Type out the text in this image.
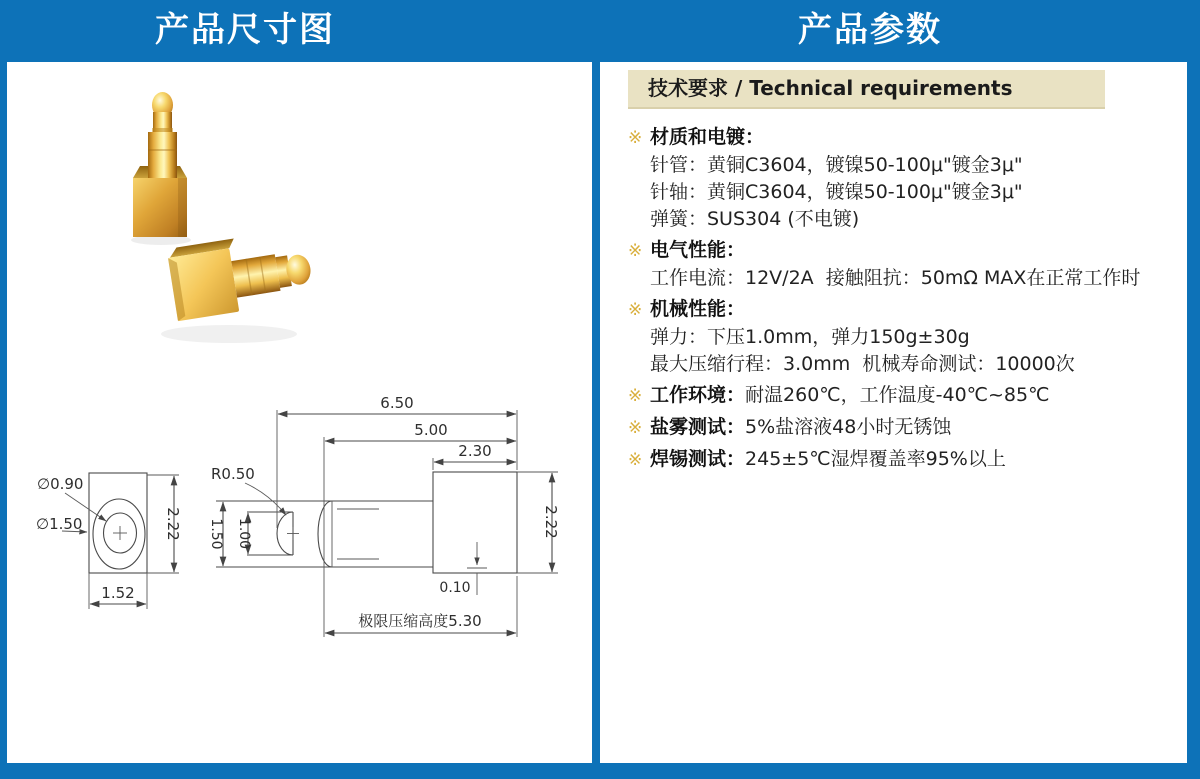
产品尺寸图	产品参数
∅0.90
∅1.50	2.22
1.52
6.50
5.00
2.30
R0.50
1.00
1.50	2.22
0.10
极限压缩高度5.30
技术要求 / Technical requirements
※ 材质和电镀：
针管：黄铜C3604，镀镍50-100μ"镀金3μ"
针轴：黄铜C3604，镀镍50-100μ"镀金3μ"
弹簧：SUS304 (不电镀)
※ 电气性能：
工作电流：12V/2A  接触阻抗：50mΩ MAX在正常工作时
※ 机械性能：
弹力：下压1.0mm，弹力150g±30g
最大压缩行程：3.0mm  机械寿命测试：10000次
※ 工作环境：耐温260℃，工作温度-40℃~85℃
※ 盐雾测试：5%盐溶液48小时无锈蚀
※ 焊锡测试：245±5℃湿焊覆盖率95%以上
